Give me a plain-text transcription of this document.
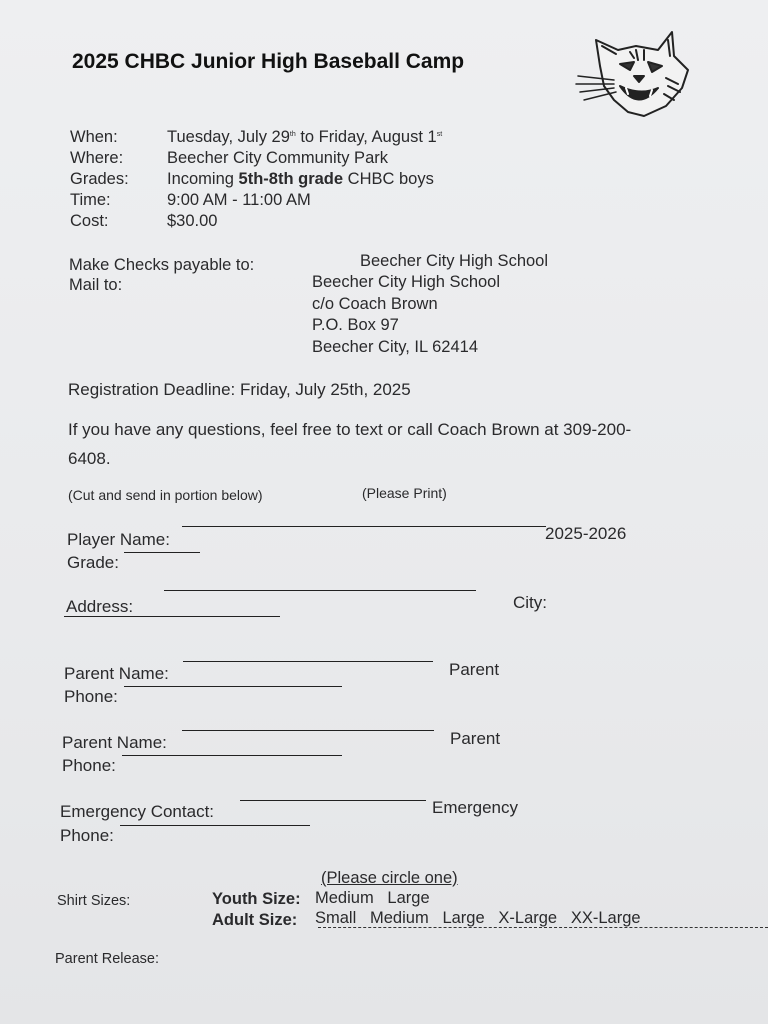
2025 CHBC Junior High Baseball Camp
When:	Tuesday, July 29th to Friday, August 1st
Where:	Beecher City Community Park
Grades: Incoming 5th-8th grade CHBC boys
Time:	9:00 AM - 11:00 AM
Cost:	$30.00
Make Checks payable to:	Beecher City High School
Mail to:	Beecher City High School
c/o Coach Brown
P.O. Box 97
Beecher City, IL 62414
Registration Deadline: Friday, July 25th, 2025
If you have any questions, feel free to text or call Coach Brown at 309-200-
6408.
(Cut and send in portion below)	(Please Print)
Player Name:	2025-2026
Grade:
Address:	City:
Parent Name:	Parent
Phone:
Parent Name:	Parent
Phone:
Emergency Contact:	Emergency
Phone:
(Please circle one)
Shirt Sizes:	Youth Size: Medium   Large
Adult Size: Small   Medium   Large   X-Large   XX-Large
Parent Release:
